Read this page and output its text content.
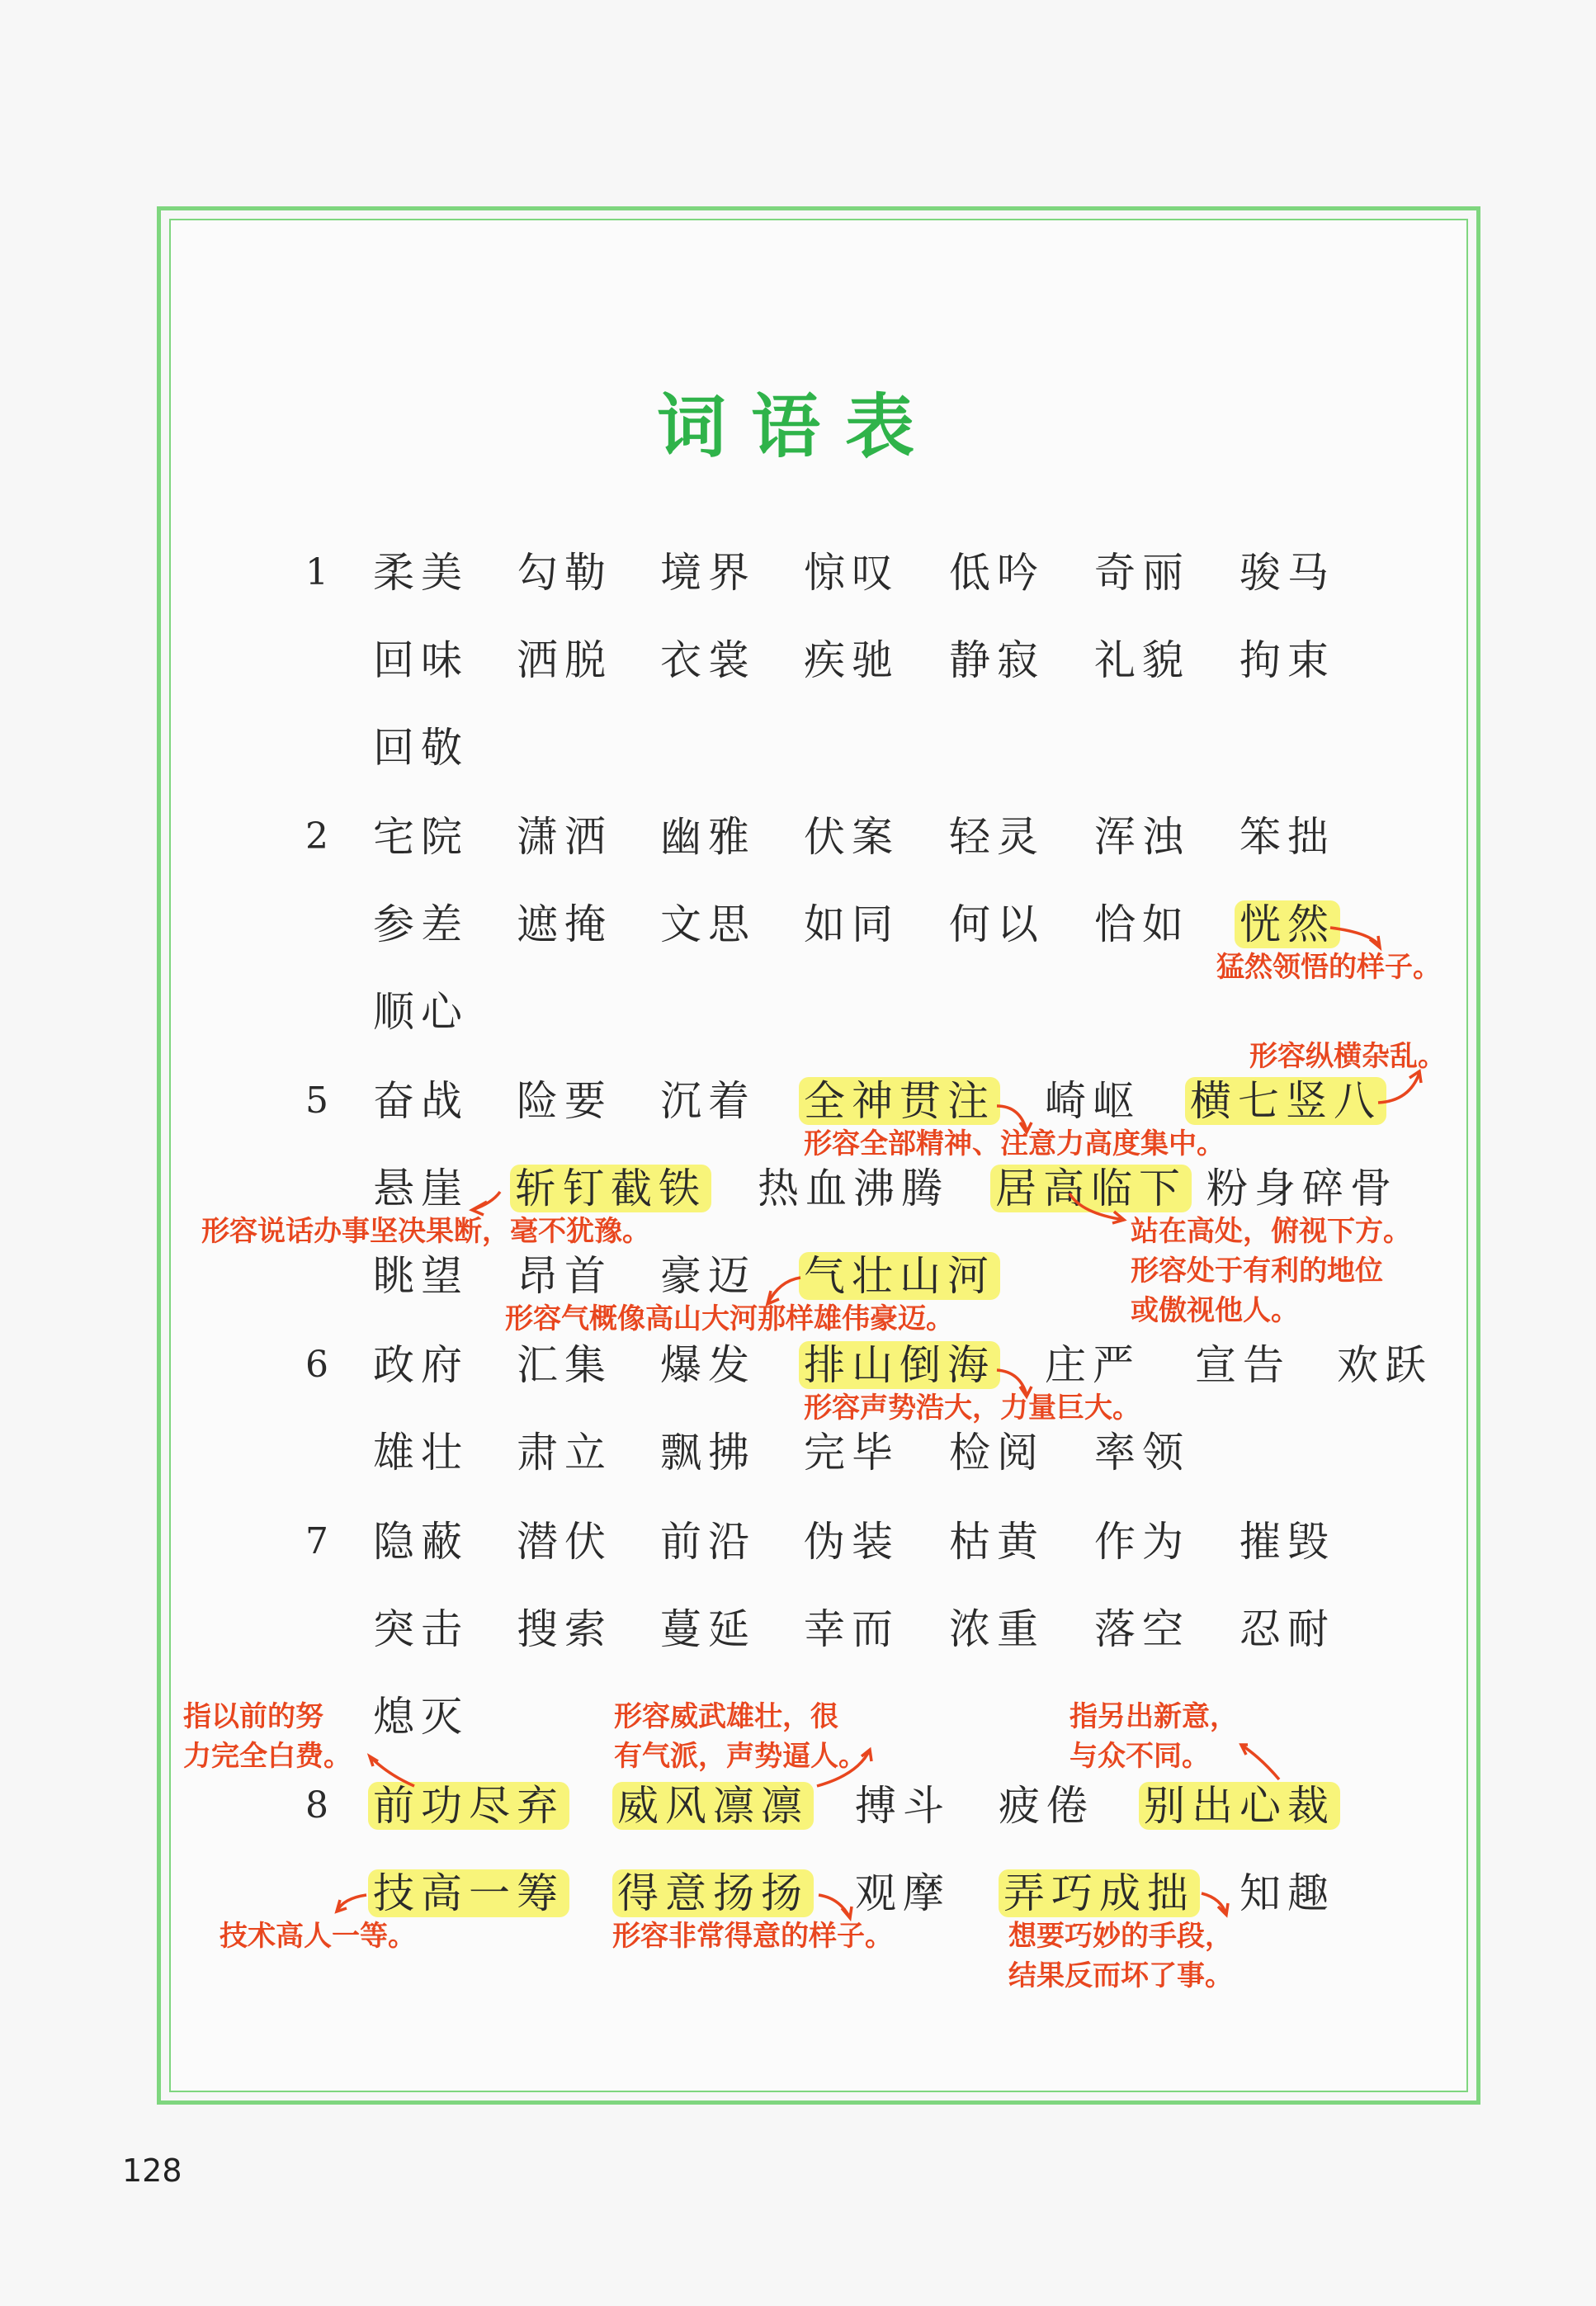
词语表
1 柔美 勾勒 境界 惊叹 低吟 奇丽 骏马
回味 洒脱 衣裳 疾驰 静寂 礼貌 拘束
回敬
2 宅院 潇洒 幽雅 伏案 轻灵 浑浊 笨拙
参差 遮掩 文思 如同 何以 恰如 恍然
猛然领悟的样子。
顺心
形容纵横杂乱。
5 奋战 险要 沉着 全神贯注 崎岖 横七竖八
形容全部精神、注意力高度集中。
悬崖 斩钉截铁 热血沸腾 居高临下 粉身碎骨
形容说话办事坚决果断，毫不犹豫。	站在高处，俯视下方。
形容处于有利的地位
或傲视他人。
眺望 昂首 豪迈 气壮山河
形容气概像高山大河那样雄伟豪迈。
6 政府 汇集 爆发 排山倒海 庄严 宣告 欢跃
形容声势浩大，力量巨大。
雄壮 肃立 飘拂 完毕 检阅 率领
7 隐蔽 潜伏 前沿 伪装 枯黄 作为 摧毁
突击 搜索 蔓延 幸而 浓重 落空 忍耐
指以前的努
力完全白费。
熄灭	形容威武雄壮，很
有气派，声势逼人。
指另出新意，
与众不同。
8 前功尽弃 威风凛凛 搏斗 疲倦 别出心裁
技高一筹 得意扬扬 观摩 弄巧成拙 知趣
技术高人一等。	形容非常得意的样子。	想要巧妙的手段，
结果反而坏了事。
128
